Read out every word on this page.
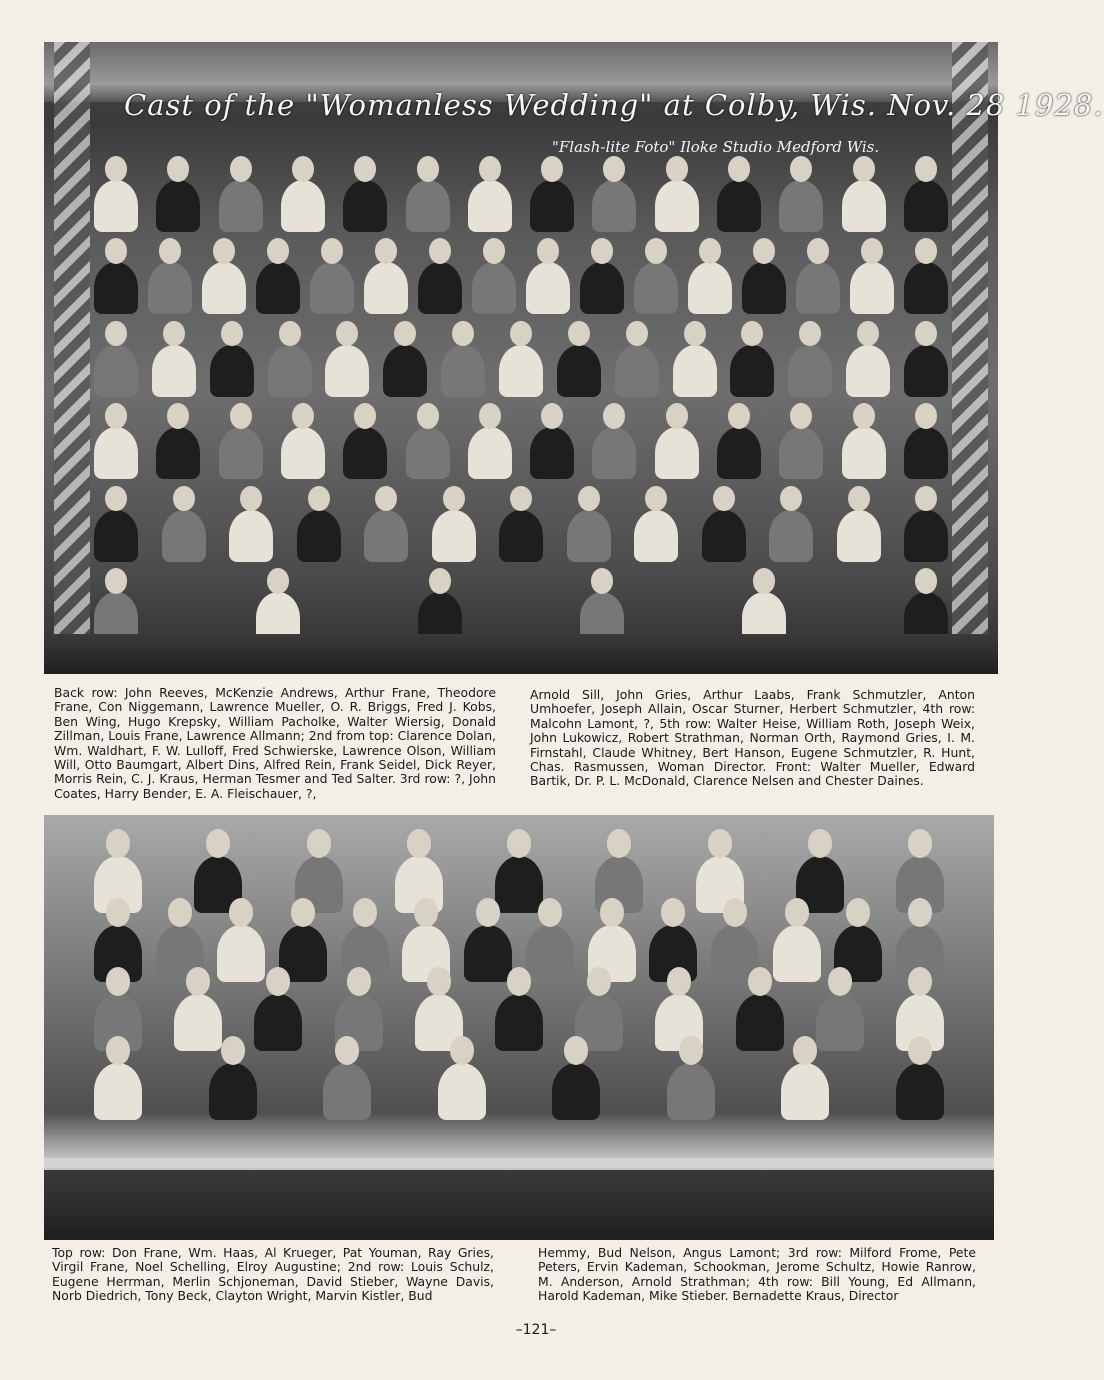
Cast of the "Womanless Wedding" at Colby, Wis. Nov. 28 1928.
"Flash-lite Foto" Iloke Studio Medford Wis.
Back row: John Reeves, McKenzie Andrews, Arthur Frane, Theodore Frane, Con Niggemann, Lawrence Mueller, O. R. Briggs, Fred J. Kobs, Ben Wing, Hugo Krepsky, William Pacholke, Walter Wiersig, Donald Zillman, Louis Frane, Lawrence Allmann; 2nd from top: Clarence Dolan, Wm. Waldhart, F. W. Lulloff, Fred Schwierske, Lawrence Olson, William Will, Otto Baumgart, Albert Dins, Alfred Rein, Frank Seidel, Dick Reyer, Morris Rein, C. J. Kraus, Herman Tesmer and Ted Salter. 3rd row: ?, John Coates, Harry Bender, E. A. Fleischauer, ?,
Arnold Sill, John Gries, Arthur Laabs, Frank Schmutzler, Anton Umhoefer, Joseph Allain, Oscar Sturner, Herbert Schmutzler, 4th row: Malcohn Lamont, ?, 5th row: Walter Heise, William Roth, Joseph Weix, John Lukowicz, Robert Strathman, Norman Orth, Raymond Gries, I. M. Firnstahl, Claude Whitney, Bert Hanson, Eugene Schmutzler, R. Hunt, Chas. Rasmussen, Woman Director. Front: Walter Mueller, Edward Bartik, Dr. P. L. McDonald, Clarence Nelsen and Chester Daines.
Top row: Don Frane, Wm. Haas, Al Krueger, Pat Youman, Ray Gries, Virgil Frane, Noel Schelling, Elroy Augustine; 2nd row: Louis Schulz, Eugene Herrman, Merlin Schjoneman, David Stieber, Wayne Davis, Norb Diedrich, Tony Beck, Clayton Wright, Marvin Kistler, Bud
Hemmy, Bud Nelson, Angus Lamont; 3rd row: Milford Frome, Pete Peters, Ervin Kademan, Schookman, Jerome Schultz, Howie Ranrow, M. Anderson, Arnold Strathman; 4th row: Bill Young, Ed Allmann, Harold Kademan, Mike Stieber. Bernadette Kraus, Director
–121–
